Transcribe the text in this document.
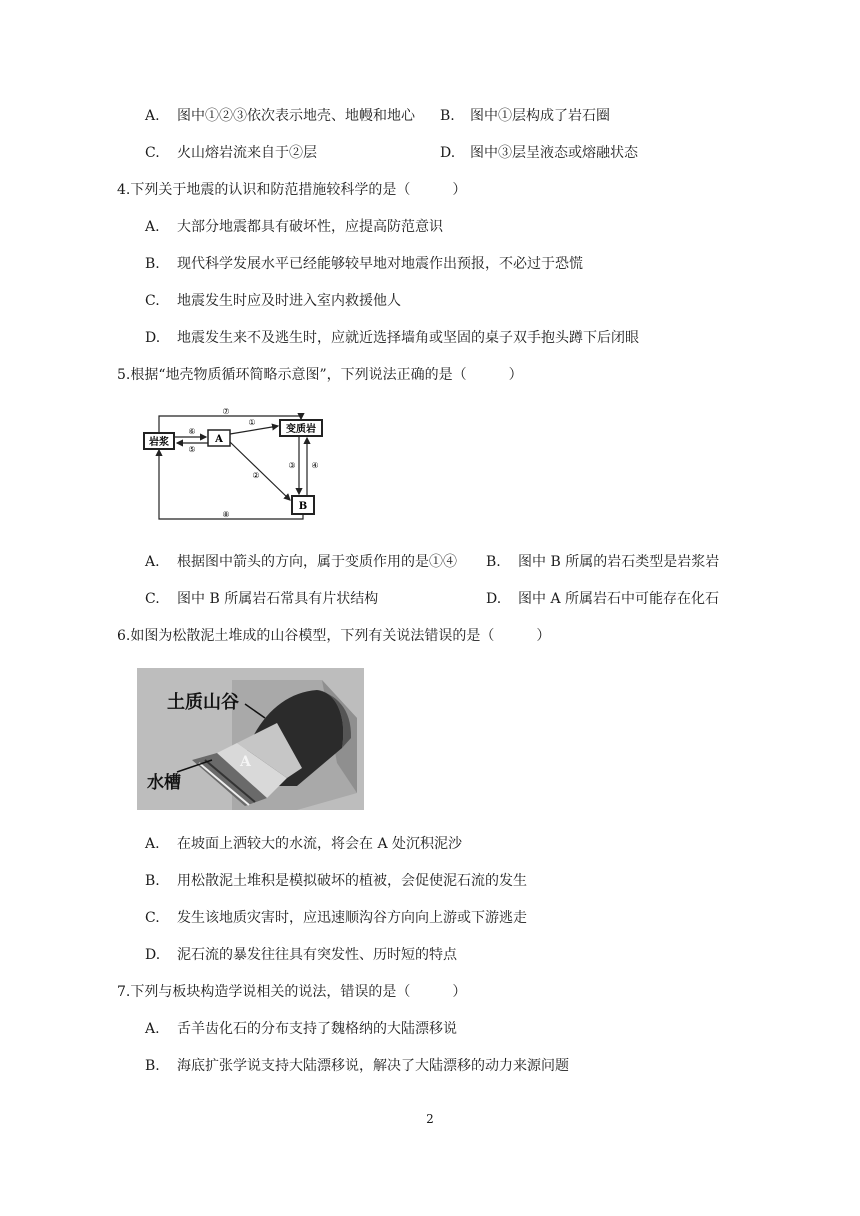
A. 图中①②③依次表示地壳、地幔和地心 B. 图中①层构成了岩石圈
C. 火山熔岩流来自于②层	D. 图中③层呈液态或熔融状态
4.下列关于地震的认识和防范措施较科学的是（　　　）
A. 大部分地震都具有破坏性，应提高防范意识
B. 现代科学发展水平已经能够较早地对地震作出预报，不必过于恐慌
C. 地震发生时应及时进入室内救援他人
D. 地震发生来不及逃生时，应就近选择墙角或坚固的桌子双手抱头蹲下后闭眼
5.根据“地壳物质循环简略示意图”，下列说法正确的是（　　　）
岩浆
变质岩
A
B
⑦
⑧
①
②
③ ④
⑤
⑥
A. 根据图中箭头的方向，属于变质作用的是①④ B. 图中 B 所属的岩石类型是岩浆岩
C. 图中 B 所属岩石常具有片状结构	D. 图中 A 所属岩石中可能存在化石
6.如图为松散泥土堆成的山谷模型，下列有关说法错误的是（　　　）
土质山谷
水槽
A
A. 在坡面上洒较大的水流，将会在 A 处沉积泥沙
B. 用松散泥土堆积是模拟破坏的植被，会促使泥石流的发生
C. 发生该地质灾害时，应迅速顺沟谷方向向上游或下游逃走
D. 泥石流的暴发往往具有突发性、历时短的特点
7.下列与板块构造学说相关的说法，错误的是（　　　）
A. 舌羊齿化石的分布支持了魏格纳的大陆漂移说
B. 海底扩张学说支持大陆漂移说，解决了大陆漂移的动力来源问题
2
